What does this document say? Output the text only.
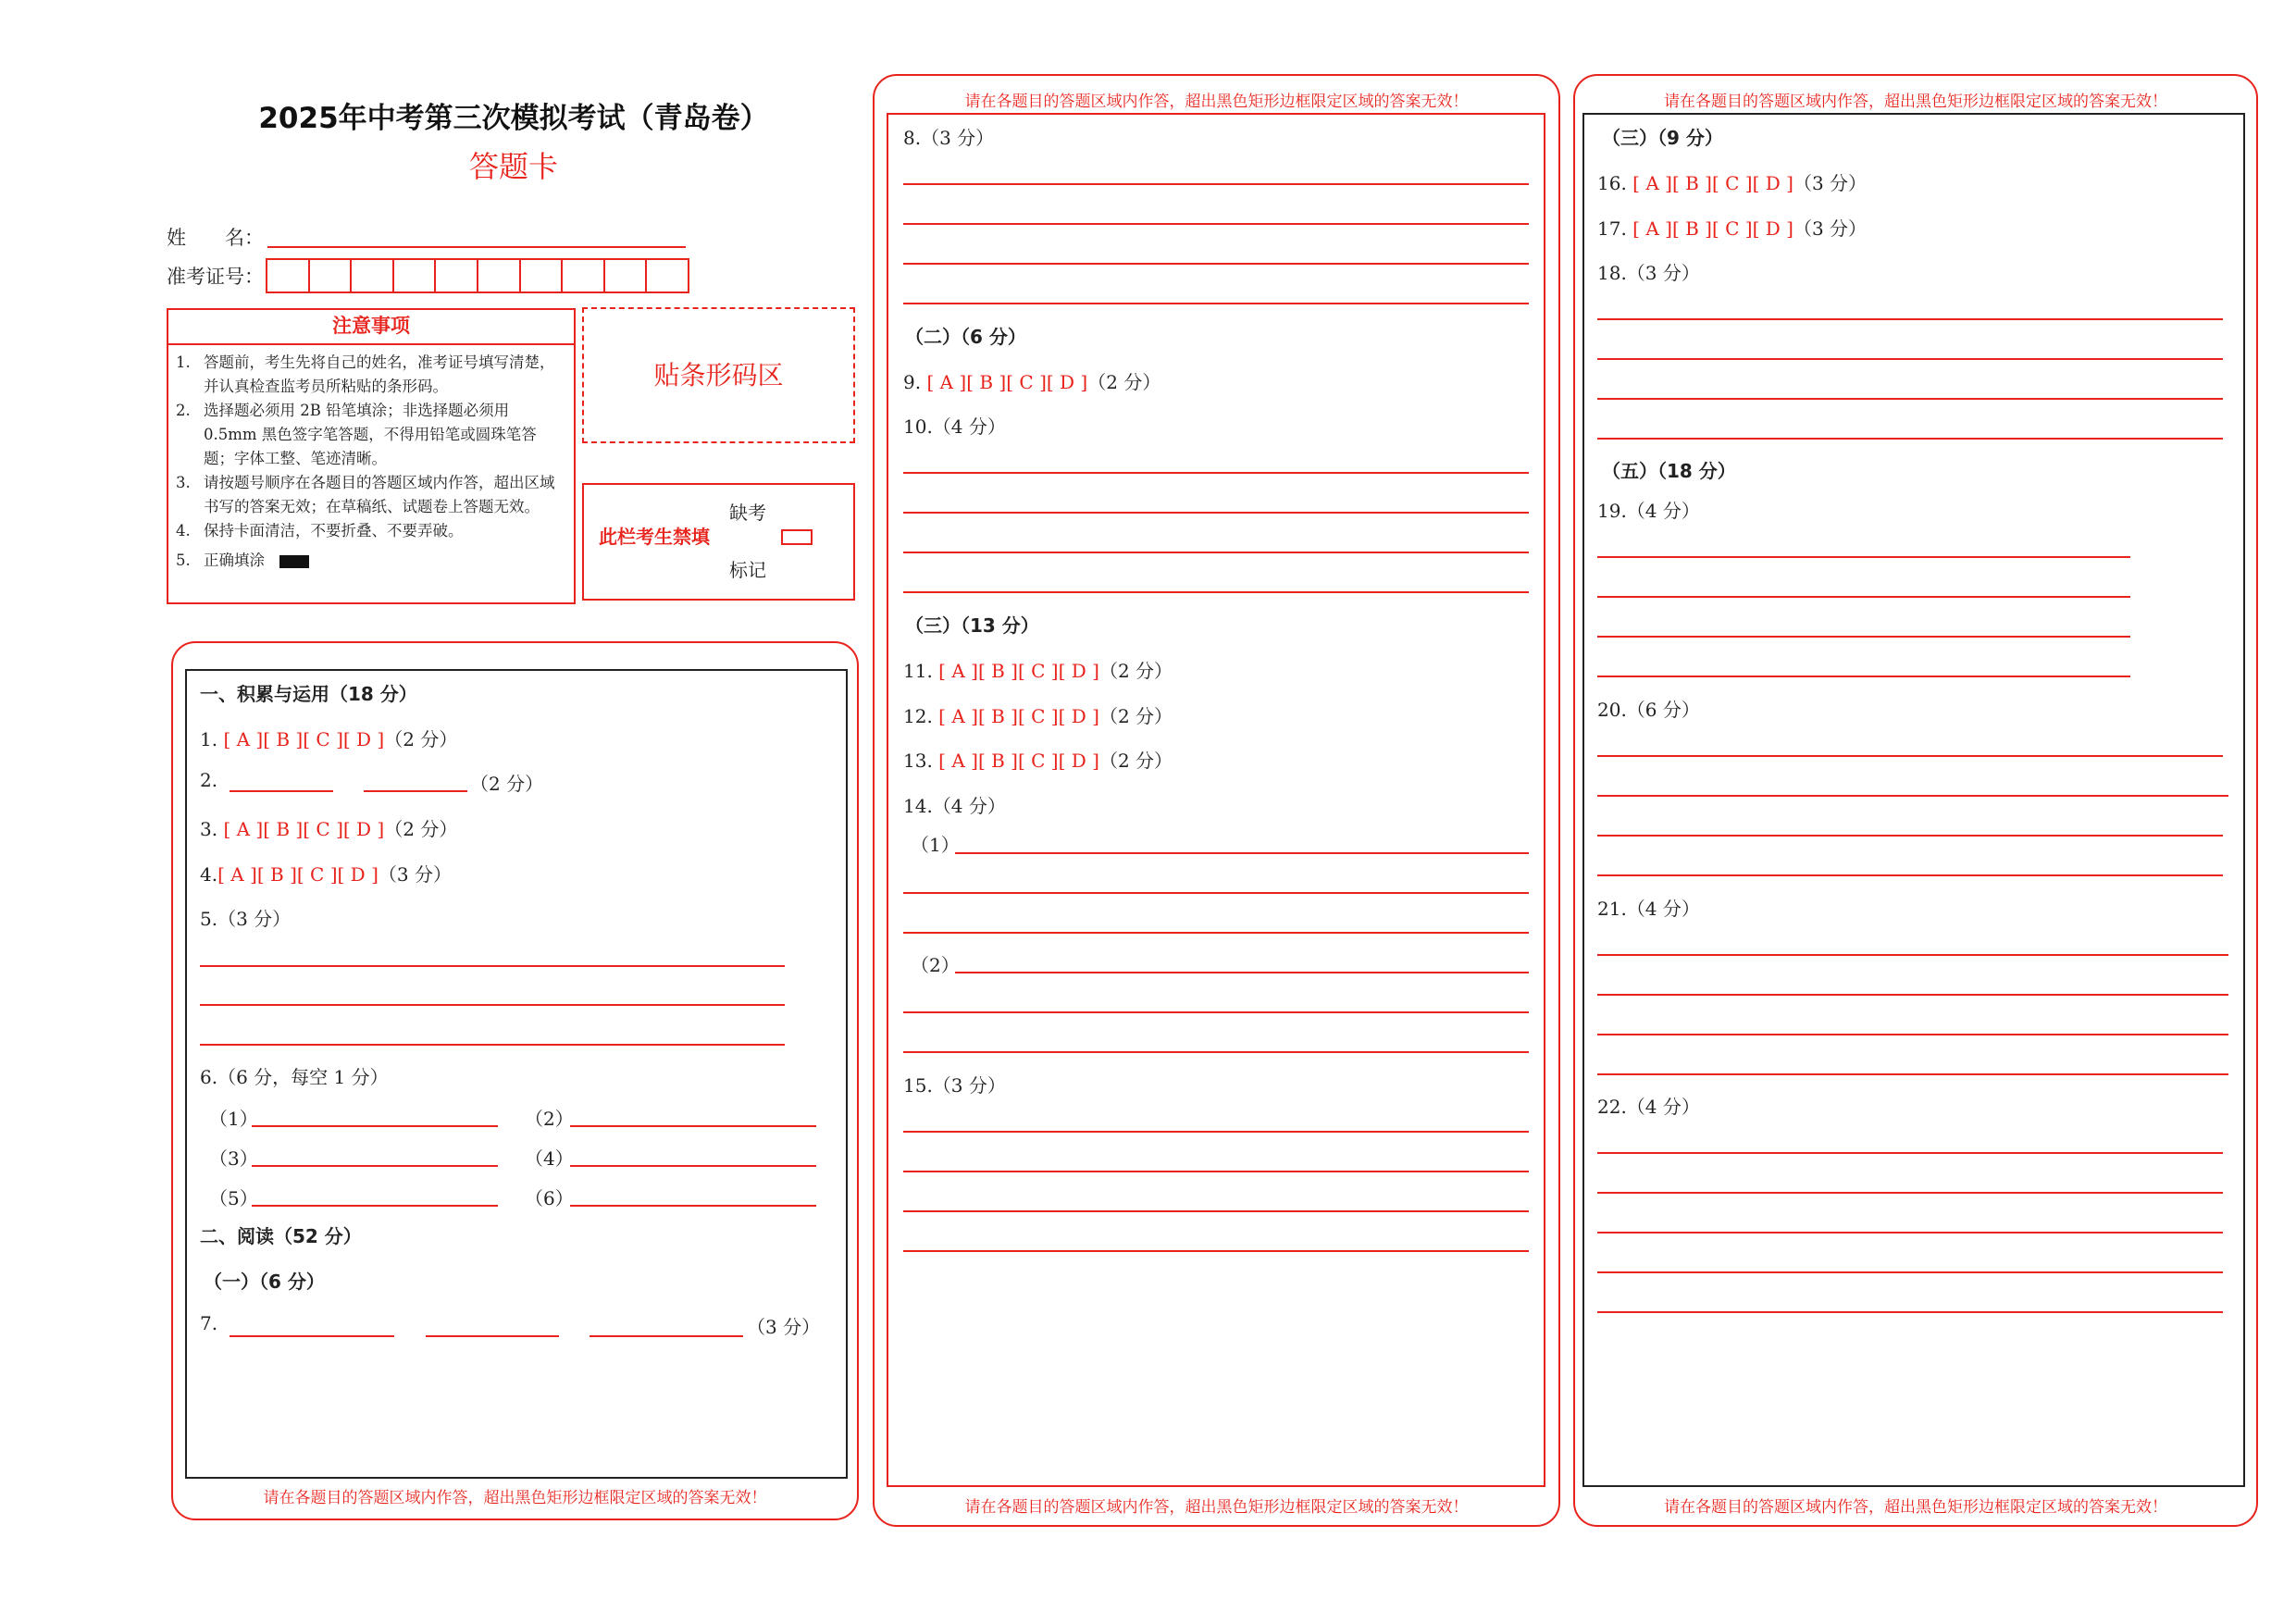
2025年中考第三次模拟考试（青岛卷）
答题卡
姓　　名：
准考证号：
注意事项
1. 答题前，考生先将自己的姓名，准考证号填写清楚，并认真检查监考员所粘贴的条形码。
2. 选择题必须用 2B 铅笔填涂；非选择题必须用 0.5mm 黑色签字笔答题，不得用铅笔或圆珠笔答题；字体工整、笔迹清晰。
3. 请按题号顺序在各题目的答题区域内作答，超出区域书写的答案无效；在草稿纸、试题卷上答题无效。
4. 保持卡面清洁，不要折叠、不要弄破。
5. 正确填涂
贴条形码区
此栏考生禁填
缺考
标记
请在各题目的答题区域内作答，超出黑色矩形边框限定区域的答案无效！
一、积累与运用（18 分）
1. [ A ][ B ][ C ][ D ]（2 分）
2.	（2 分）
3. [ A ][ B ][ C ][ D ]（2 分）
4.[ A ][ B ][ C ][ D ]（3 分）
5.（3 分）
6.（6 分，每空 1 分）
（1）	（2）
（3）	（4）
（5）	（6）
二、阅读（52 分）
（一）（6 分）
7.	（3 分）
请在各题目的答题区域内作答，超出黑色矩形边框限定区域的答案无效！
请在各题目的答题区域内作答，超出黑色矩形边框限定区域的答案无效！
8.（3 分）
（二）（6 分）
9. [ A ][ B ][ C ][ D ]（2 分）
10.（4 分）
（三）（13 分）
11. [ A ][ B ][ C ][ D ]（2 分）
12. [ A ][ B ][ C ][ D ]（2 分）
13. [ A ][ B ][ C ][ D ]（2 分）
14.（4 分）
（1）
（2）
15.（3 分）
请在各题目的答题区域内作答，超出黑色矩形边框限定区域的答案无效！
请在各题目的答题区域内作答，超出黑色矩形边框限定区域的答案无效！
（三）（9 分）
16. [ A ][ B ][ C ][ D ]（3 分）
17. [ A ][ B ][ C ][ D ]（3 分）
18.（3 分）
（五）（18 分）
19.（4 分）
20.（6 分）
21.（4 分）
22.（4 分）
